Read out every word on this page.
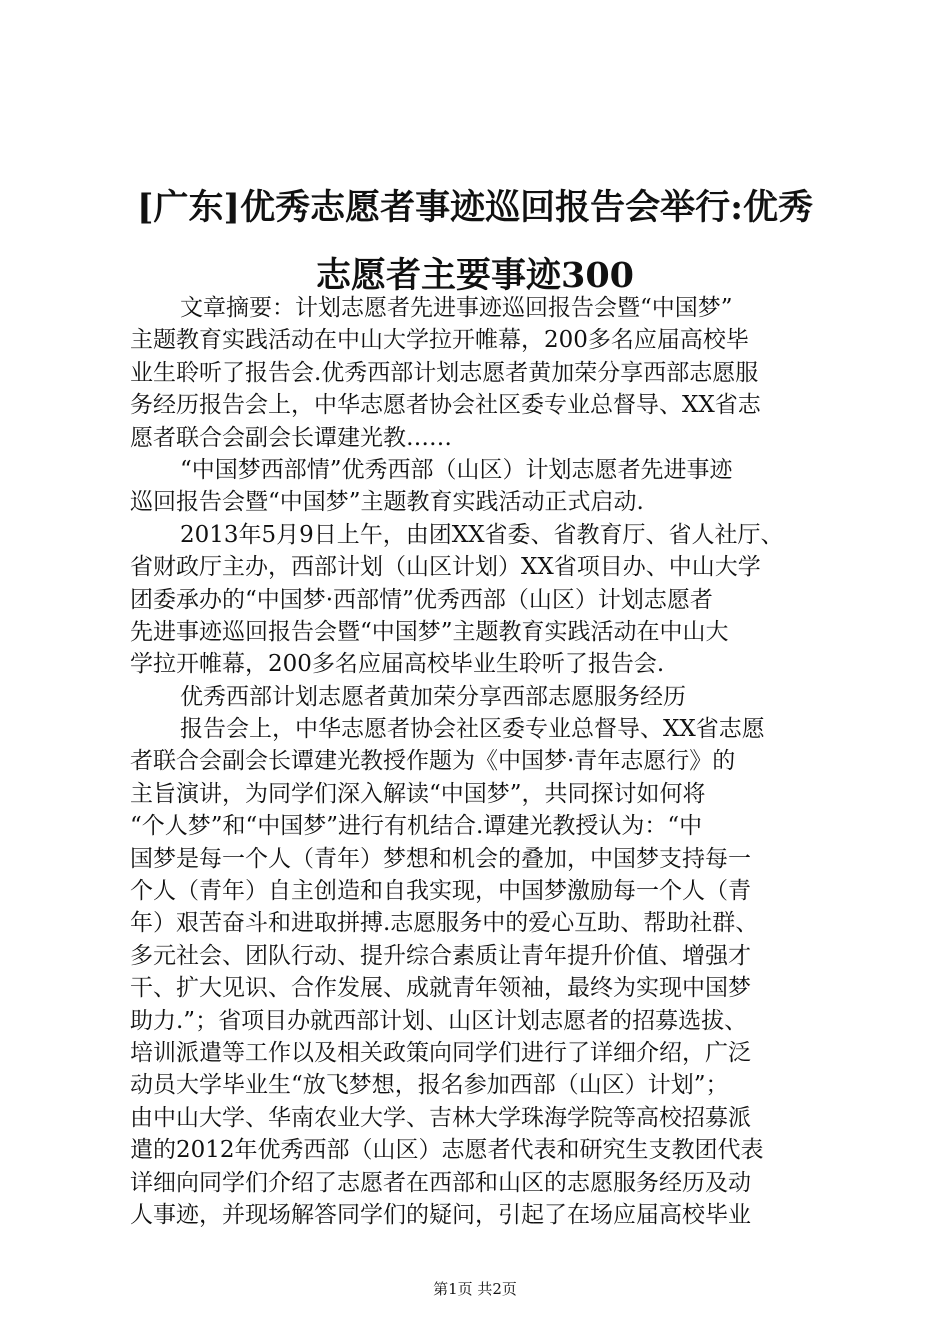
[广东]优秀志愿者事迹巡回报告会举行:优秀
志愿者主要事迹300
文章摘要：计划志愿者先进事迹巡回报告会暨“中国梦”
主题教育实践活动在中山大学拉开帷幕，200多名应届高校毕
业生聆听了报告会.优秀西部计划志愿者黄加荣分享西部志愿服
务经历报告会上，中华志愿者协会社区委专业总督导、XX省志
愿者联合会副会长谭建光教……
“中国梦西部情”优秀西部（山区）计划志愿者先进事迹
巡回报告会暨“中国梦”主题教育实践活动正式启动.
2013年5月9日上午，由团XX省委、省教育厅、省人社厅、
省财政厅主办，西部计划（山区计划）XX省项目办、中山大学
团委承办的“中国梦·西部情”优秀西部（山区）计划志愿者
先进事迹巡回报告会暨“中国梦”主题教育实践活动在中山大
学拉开帷幕，200多名应届高校毕业生聆听了报告会.
优秀西部计划志愿者黄加荣分享西部志愿服务经历
报告会上，中华志愿者协会社区委专业总督导、XX省志愿
者联合会副会长谭建光教授作题为《中国梦·青年志愿行》的
主旨演讲，为同学们深入解读“中国梦”，共同探讨如何将
“个人梦”和“中国梦”进行有机结合.谭建光教授认为：“中
国梦是每一个人（青年）梦想和机会的叠加，中国梦支持每一
个人（青年）自主创造和自我实现，中国梦激励每一个人（青
年）艰苦奋斗和进取拼搏.志愿服务中的爱心互助、帮助社群、
多元社会、团队行动、提升综合素质让青年提升价值、增强才
干、扩大见识、合作发展、成就青年领袖，最终为实现中国梦
助力.”；省项目办就西部计划、山区计划志愿者的招募选拔、
培训派遣等工作以及相关政策向同学们进行了详细介绍，广泛
动员大学毕业生“放飞梦想，报名参加西部（山区）计划”；
由中山大学、华南农业大学、吉林大学珠海学院等高校招募派
遣的2012年优秀西部（山区）志愿者代表和研究生支教团代表
详细向同学们介绍了志愿者在西部和山区的志愿服务经历及动
人事迹，并现场解答同学们的疑问，引起了在场应届高校毕业
第1页 共2页
